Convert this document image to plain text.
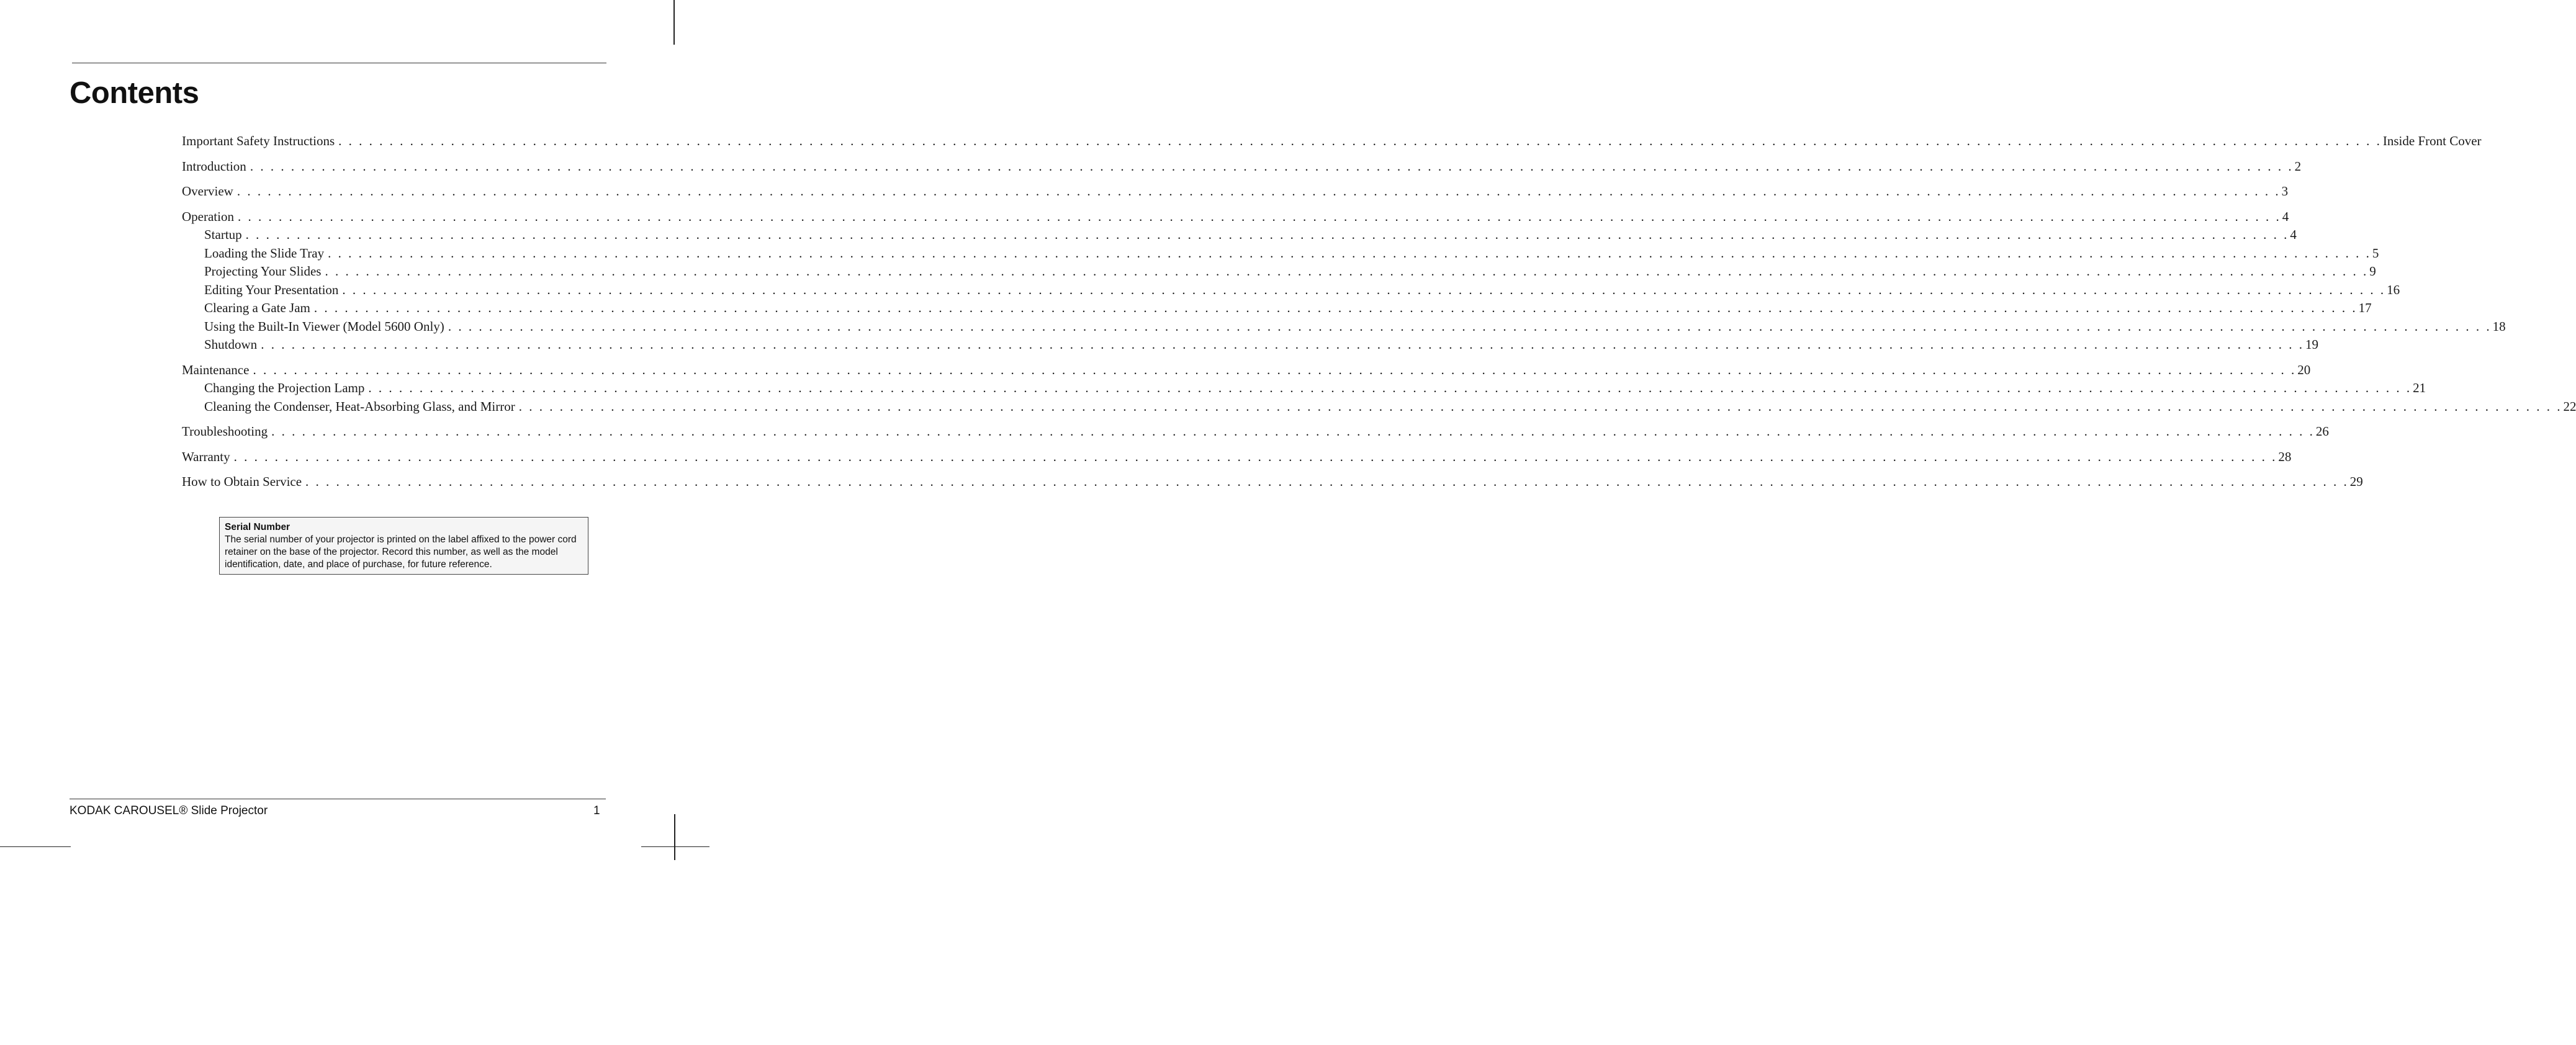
Contents
Important Safety Instructions . . . . . . . . . . . . . . . . . . . . . . . . . . . . . . . . . . . . . . . . . . . . . . . . . . . . . . . . . . . . . . . . . . . . . . . . . . . . . . . . . . . . . . . . . . . . . . . . . . . . . . . . . . . . . . . . . . . . . . . . . . . . . . . . . . . . . . . . . . . . . . . . . . . . . . . . . . . . . . . . . . . . . . . . . . . . . . . . . . . . . . . . . . . . . . . . . . . . . . . . Inside Front Cover
Introduction . . . . . . . . . . . . . . . . . . . . . . . . . . . . . . . . . . . . . . . . . . . . . . . . . . . . . . . . . . . . . . . . . . . . . . . . . . . . . . . . . . . . . . . . . . . . . . . . . . . . . . . . . . . . . . . . . . . . . . . . . . . . . . . . . . . . . . . . . . . . . . . . . . . . . . . . . . . . . . . . . . . . . . . . . . . . . . . . . . . . . . . . . . . . . . . . . . . . . . . . 2
Overview . . . . . . . . . . . . . . . . . . . . . . . . . . . . . . . . . . . . . . . . . . . . . . . . . . . . . . . . . . . . . . . . . . . . . . . . . . . . . . . . . . . . . . . . . . . . . . . . . . . . . . . . . . . . . . . . . . . . . . . . . . . . . . . . . . . . . . . . . . . . . . . . . . . . . . . . . . . . . . . . . . . . . . . . . . . . . . . . . . . . . . . . . . . . . . . . . . . . . . . . 3
Operation . . . . . . . . . . . . . . . . . . . . . . . . . . . . . . . . . . . . . . . . . . . . . . . . . . . . . . . . . . . . . . . . . . . . . . . . . . . . . . . . . . . . . . . . . . . . . . . . . . . . . . . . . . . . . . . . . . . . . . . . . . . . . . . . . . . . . . . . . . . . . . . . . . . . . . . . . . . . . . . . . . . . . . . . . . . . . . . . . . . . . . . . . . . . . . . . . . . . . . . . 4
Startup . . . . . . . . . . . . . . . . . . . . . . . . . . . . . . . . . . . . . . . . . . . . . . . . . . . . . . . . . . . . . . . . . . . . . . . . . . . . . . . . . . . . . . . . . . . . . . . . . . . . . . . . . . . . . . . . . . . . . . . . . . . . . . . . . . . . . . . . . . . . . . . . . . . . . . . . . . . . . . . . . . . . . . . . . . . . . . . . . . . . . . . . . . . . . . . . . . . . . . . . 4
Loading the Slide Tray . . . . . . . . . . . . . . . . . . . . . . . . . . . . . . . . . . . . . . . . . . . . . . . . . . . . . . . . . . . . . . . . . . . . . . . . . . . . . . . . . . . . . . . . . . . . . . . . . . . . . . . . . . . . . . . . . . . . . . . . . . . . . . . . . . . . . . . . . . . . . . . . . . . . . . . . . . . . . . . . . . . . . . . . . . . . . . . . . . . . . . . . . . . . . . . . . . . . . . . . 5
Projecting Your Slides . . . . . . . . . . . . . . . . . . . . . . . . . . . . . . . . . . . . . . . . . . . . . . . . . . . . . . . . . . . . . . . . . . . . . . . . . . . . . . . . . . . . . . . . . . . . . . . . . . . . . . . . . . . . . . . . . . . . . . . . . . . . . . . . . . . . . . . . . . . . . . . . . . . . . . . . . . . . . . . . . . . . . . . . . . . . . . . . . . . . . . . . . . . . . . . . . . . . . . . . 9
Editing Your Presentation . . . . . . . . . . . . . . . . . . . . . . . . . . . . . . . . . . . . . . . . . . . . . . . . . . . . . . . . . . . . . . . . . . . . . . . . . . . . . . . . . . . . . . . . . . . . . . . . . . . . . . . . . . . . . . . . . . . . . . . . . . . . . . . . . . . . . . . . . . . . . . . . . . . . . . . . . . . . . . . . . . . . . . . . . . . . . . . . . . . . . . . . . . . . . . . . . . . . . . . . 16
Clearing a Gate Jam . . . . . . . . . . . . . . . . . . . . . . . . . . . . . . . . . . . . . . . . . . . . . . . . . . . . . . . . . . . . . . . . . . . . . . . . . . . . . . . . . . . . . . . . . . . . . . . . . . . . . . . . . . . . . . . . . . . . . . . . . . . . . . . . . . . . . . . . . . . . . . . . . . . . . . . . . . . . . . . . . . . . . . . . . . . . . . . . . . . . . . . . . . . . . . . . . . . . . . . . 17
Using the Built-In Viewer (Model 5600 Only) . . . . . . . . . . . . . . . . . . . . . . . . . . . . . . . . . . . . . . . . . . . . . . . . . . . . . . . . . . . . . . . . . . . . . . . . . . . . . . . . . . . . . . . . . . . . . . . . . . . . . . . . . . . . . . . . . . . . . . . . . . . . . . . . . . . . . . . . . . . . . . . . . . . . . . . . . . . . . . . . . . . . . . . . . . . . . . . . . . . . . . . . . . . . . . . . . . . . . . . . 18
Shutdown . . . . . . . . . . . . . . . . . . . . . . . . . . . . . . . . . . . . . . . . . . . . . . . . . . . . . . . . . . . . . . . . . . . . . . . . . . . . . . . . . . . . . . . . . . . . . . . . . . . . . . . . . . . . . . . . . . . . . . . . . . . . . . . . . . . . . . . . . . . . . . . . . . . . . . . . . . . . . . . . . . . . . . . . . . . . . . . . . . . . . . . . . . . . . . . . . . . . . . . . 19
Maintenance . . . . . . . . . . . . . . . . . . . . . . . . . . . . . . . . . . . . . . . . . . . . . . . . . . . . . . . . . . . . . . . . . . . . . . . . . . . . . . . . . . . . . . . . . . . . . . . . . . . . . . . . . . . . . . . . . . . . . . . . . . . . . . . . . . . . . . . . . . . . . . . . . . . . . . . . . . . . . . . . . . . . . . . . . . . . . . . . . . . . . . . . . . . . . . . . . . . . . . . . 20
Changing the Projection Lamp . . . . . . . . . . . . . . . . . . . . . . . . . . . . . . . . . . . . . . . . . . . . . . . . . . . . . . . . . . . . . . . . . . . . . . . . . . . . . . . . . . . . . . . . . . . . . . . . . . . . . . . . . . . . . . . . . . . . . . . . . . . . . . . . . . . . . . . . . . . . . . . . . . . . . . . . . . . . . . . . . . . . . . . . . . . . . . . . . . . . . . . . . . . . . . . . . . . . . . . . 21
Cleaning the Condenser, Heat-Absorbing Glass, and Mirror . . . . . . . . . . . . . . . . . . . . . . . . . . . . . . . . . . . . . . . . . . . . . . . . . . . . . . . . . . . . . . . . . . . . . . . . . . . . . . . . . . . . . . . . . . . . . . . . . . . . . . . . . . . . . . . . . . . . . . . . . . . . . . . . . . . . . . . . . . . . . . . . . . . . . . . . . . . . . . . . . . . . . . . . . . . . . . . . . . . . . . . . . . . . . . . . . . . . . . . . 22
Troubleshooting . . . . . . . . . . . . . . . . . . . . . . . . . . . . . . . . . . . . . . . . . . . . . . . . . . . . . . . . . . . . . . . . . . . . . . . . . . . . . . . . . . . . . . . . . . . . . . . . . . . . . . . . . . . . . . . . . . . . . . . . . . . . . . . . . . . . . . . . . . . . . . . . . . . . . . . . . . . . . . . . . . . . . . . . . . . . . . . . . . . . . . . . . . . . . . . . . . . . . . . . 26
Warranty . . . . . . . . . . . . . . . . . . . . . . . . . . . . . . . . . . . . . . . . . . . . . . . . . . . . . . . . . . . . . . . . . . . . . . . . . . . . . . . . . . . . . . . . . . . . . . . . . . . . . . . . . . . . . . . . . . . . . . . . . . . . . . . . . . . . . . . . . . . . . . . . . . . . . . . . . . . . . . . . . . . . . . . . . . . . . . . . . . . . . . . . . . . . . . . . . . . . . . . . 28
How to Obtain Service . . . . . . . . . . . . . . . . . . . . . . . . . . . . . . . . . . . . . . . . . . . . . . . . . . . . . . . . . . . . . . . . . . . . . . . . . . . . . . . . . . . . . . . . . . . . . . . . . . . . . . . . . . . . . . . . . . . . . . . . . . . . . . . . . . . . . . . . . . . . . . . . . . . . . . . . . . . . . . . . . . . . . . . . . . . . . . . . . . . . . . . . . . . . . . . . . . . . . . . . 29
Serial Number
The serial number of your projector is printed on the label affixed to the power cord retainer on the base of the projector. Record this number, as well as the model identification, date, and place of purchase, for future reference.
KODAK CAROUSEL® Slide Projector	1
